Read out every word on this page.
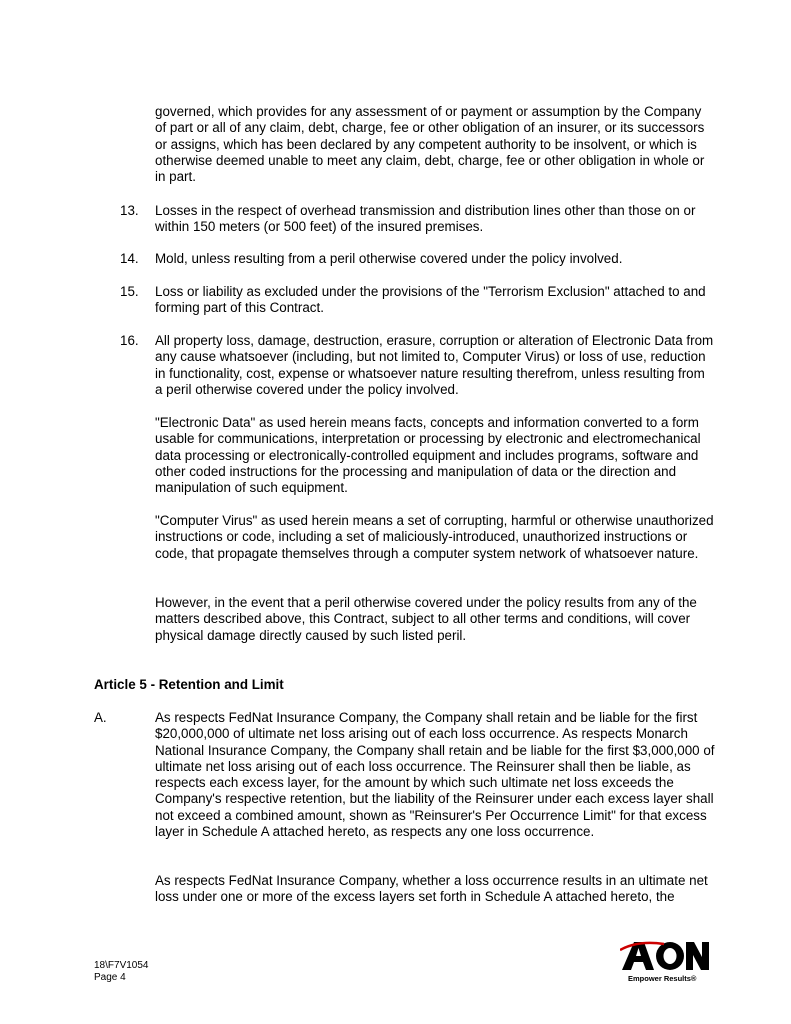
governed, which provides for any assessment of or payment or assumption by the Company of part or all of any claim, debt, charge, fee or other obligation of an insurer, or its successors or assigns, which has been declared by any competent authority to be insolvent, or which is otherwise deemed unable to meet any claim, debt, charge, fee or other obligation in whole or in part.

13. Losses in the respect of overhead transmission and distribution lines other than those on or within 150 meters (or 500 feet) of the insured premises.

14. Mold, unless resulting from a peril otherwise covered under the policy involved.

15. Loss or liability as excluded under the provisions of the "Terrorism Exclusion" attached to and forming part of this Contract.

16. All property loss, damage, destruction, erasure, corruption or alteration of Electronic Data from any cause whatsoever (including, but not limited to, Computer Virus) or loss of use, reduction in functionality, cost, expense or whatsoever nature resulting therefrom, unless resulting from a peril otherwise covered under the policy involved.

"Electronic Data" as used herein means facts, concepts and information converted to a form usable for communications, interpretation or processing by electronic and electromechanical data processing or electronically-controlled equipment and includes programs, software and other coded instructions for the processing and manipulation of data or the direction and manipulation of such equipment.

"Computer Virus" as used herein means a set of corrupting, harmful or otherwise unauthorized instructions or code, including a set of maliciously-introduced, unauthorized instructions or code, that propagate themselves through a computer system network of whatsoever nature.

However, in the event that a peril otherwise covered under the policy results from any of the matters described above, this Contract, subject to all other terms and conditions, will cover physical damage directly caused by such listed peril.

Article 5 - Retention and Limit

A.	As respects FedNat Insurance Company, the Company shall retain and be liable for the first $20,000,000 of ultimate net loss arising out of each loss occurrence. As respects Monarch National Insurance Company, the Company shall retain and be liable for the first $3,000,000 of ultimate net loss arising out of each loss occurrence. The Reinsurer shall then be liable, as respects each excess layer, for the amount by which such ultimate net loss exceeds the Company's respective retention, but the liability of the Reinsurer under each excess layer shall not exceed a combined amount, shown as "Reinsurer's Per Occurrence Limit" for that excess layer in Schedule A attached hereto, as respects any one loss occurrence.

As respects FedNat Insurance Company, whether a loss occurrence results in an ultimate net loss under one or more of the excess layers set forth in Schedule A attached hereto, the

18\F7V1054

Page 4	Empower Results®
